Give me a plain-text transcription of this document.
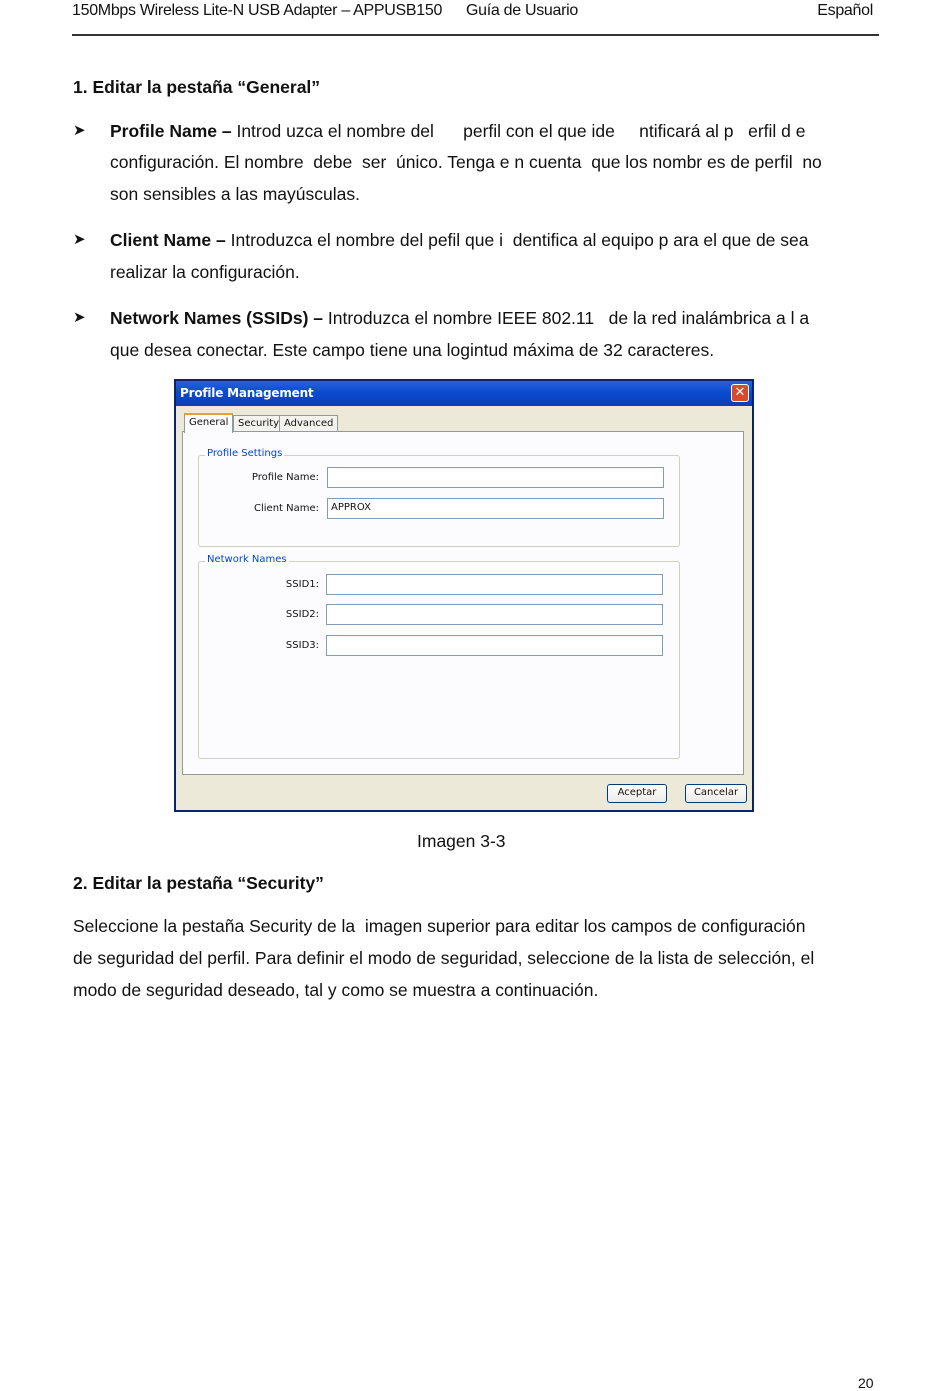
150Mbps Wireless Lite-N USB Adapter – APPUSB150 Guía de Usuario	Español
1. Editar la pestaña “General”
➤ Profile Name – Introd uzca el nombre del      perfil con el que ide     ntificará al p   erfil d e
configuración. El nombre  debe  ser  único. Tenga e n cuenta  que los nombr es de perfil  no
son sensibles a las mayúsculas.
➤ Client Name – Introduzca el nombre del pefil que i  dentifica al equipo p ara el que de sea
realizar la configuración.
➤ Network Names (SSIDs) – Introduzca el nombre IEEE 802.11   de la red inalámbrica a l a
que desea conectar. Este campo tiene una logintud máxima de 32 caracteres.
Profile Management	✕
General Security Advanced
Profile Settings
Profile Name:
Client Name:	APPROX
Network Names
SSID1:
SSID2:
SSID3:
Aceptar	Cancelar
Imagen 3-3
2. Editar la pestaña “Security”
Seleccione la pestaña Security de la  imagen superior para editar los campos de configuración
de seguridad del perfil. Para definir el modo de seguridad, seleccione de la lista de selección, el
modo de seguridad deseado, tal y como se muestra a continuación.
20
